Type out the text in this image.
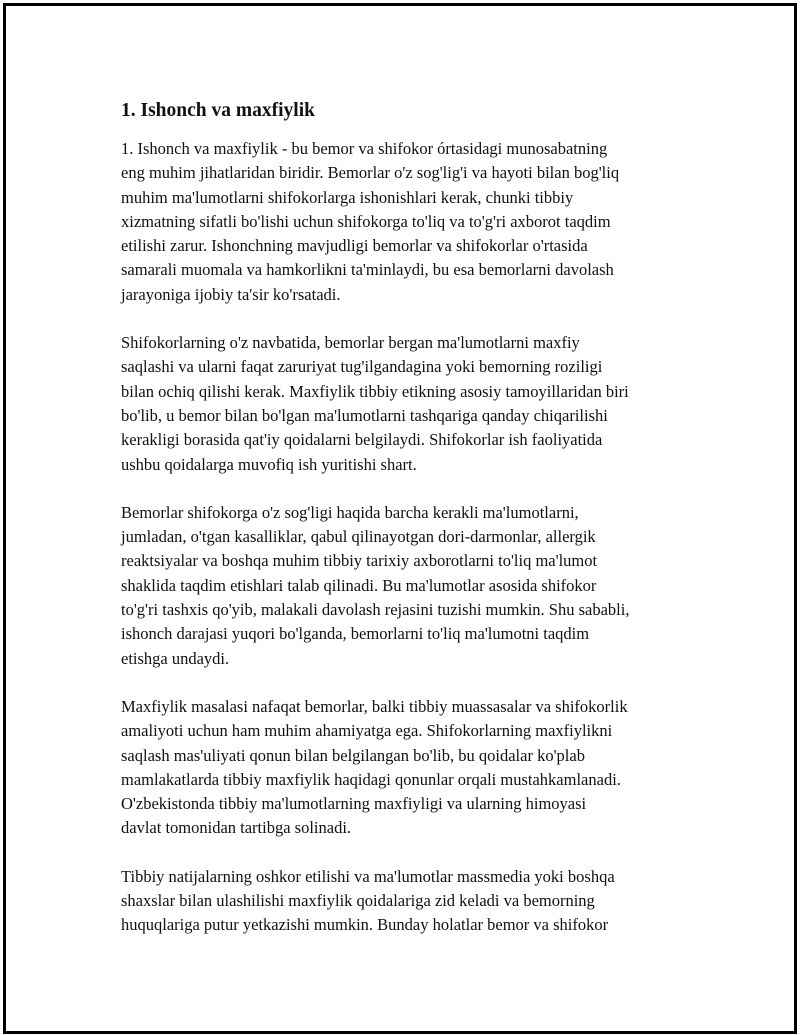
1. Ishonch va maxfiylik

1. Ishonch va maxfiylik - bu bemor va shifokor órtasidagi munosabatning
eng muhim jihatlaridan biridir. Bemorlar o'z sog'lig'i va hayoti bilan bog'liq
muhim ma'lumotlarni shifokorlarga ishonishlari kerak, chunki tibbiy
xizmatning sifatli bo'lishi uchun shifokorga to'liq va to'g'ri axborot taqdim
etilishi zarur. Ishonchning mavjudligi bemorlar va shifokorlar o'rtasida
samarali muomala va hamkorlikni ta'minlaydi, bu esa bemorlarni davolash
jarayoniga ijobiy ta'sir ko'rsatadi.

Shifokorlarning o'z navbatida, bemorlar bergan ma'lumotlarni maxfiy
saqlashi va ularni faqat zaruriyat tug'ilgandagina yoki bemorning roziligi
bilan ochiq qilishi kerak. Maxfiylik tibbiy etikning asosiy tamoyillaridan biri
bo'lib, u bemor bilan bo'lgan ma'lumotlarni tashqariga qanday chiqarilishi
kerakligi borasida qat'iy qoidalarni belgilaydi. Shifokorlar ish faoliyatida
ushbu qoidalarga muvofiq ish yuritishi shart.

Bemorlar shifokorga o'z sog'ligi haqida barcha kerakli ma'lumotlarni,
jumladan, o'tgan kasalliklar, qabul qilinayotgan dori-darmonlar, allergik
reaktsiyalar va boshqa muhim tibbiy tarixiy axborotlarni to'liq ma'lumot
shaklida taqdim etishlari talab qilinadi. Bu ma'lumotlar asosida shifokor
to'g'ri tashxis qo'yib, malakali davolash rejasini tuzishi mumkin. Shu sababli,
ishonch darajasi yuqori bo'lganda, bemorlarni to'liq ma'lumotni taqdim
etishga undaydi.

Maxfiylik masalasi nafaqat bemorlar, balki tibbiy muassasalar va shifokorlik
amaliyoti uchun ham muhim ahamiyatga ega. Shifokorlarning maxfiylikni
saqlash mas'uliyati qonun bilan belgilangan bo'lib, bu qoidalar ko'plab
mamlakatlarda tibbiy maxfiylik haqidagi qonunlar orqali mustahkamlanadi.
O'zbekistonda tibbiy ma'lumotlarning maxfiyligi va ularning himoyasi
davlat tomonidan tartibga solinadi.

Tibbiy natijalarning oshkor etilishi va ma'lumotlar massmedia yoki boshqa
shaxslar bilan ulashilishi maxfiylik qoidalariga zid keladi va bemorning
huquqlariga putur yetkazishi mumkin. Bunday holatlar bemor va shifokor
